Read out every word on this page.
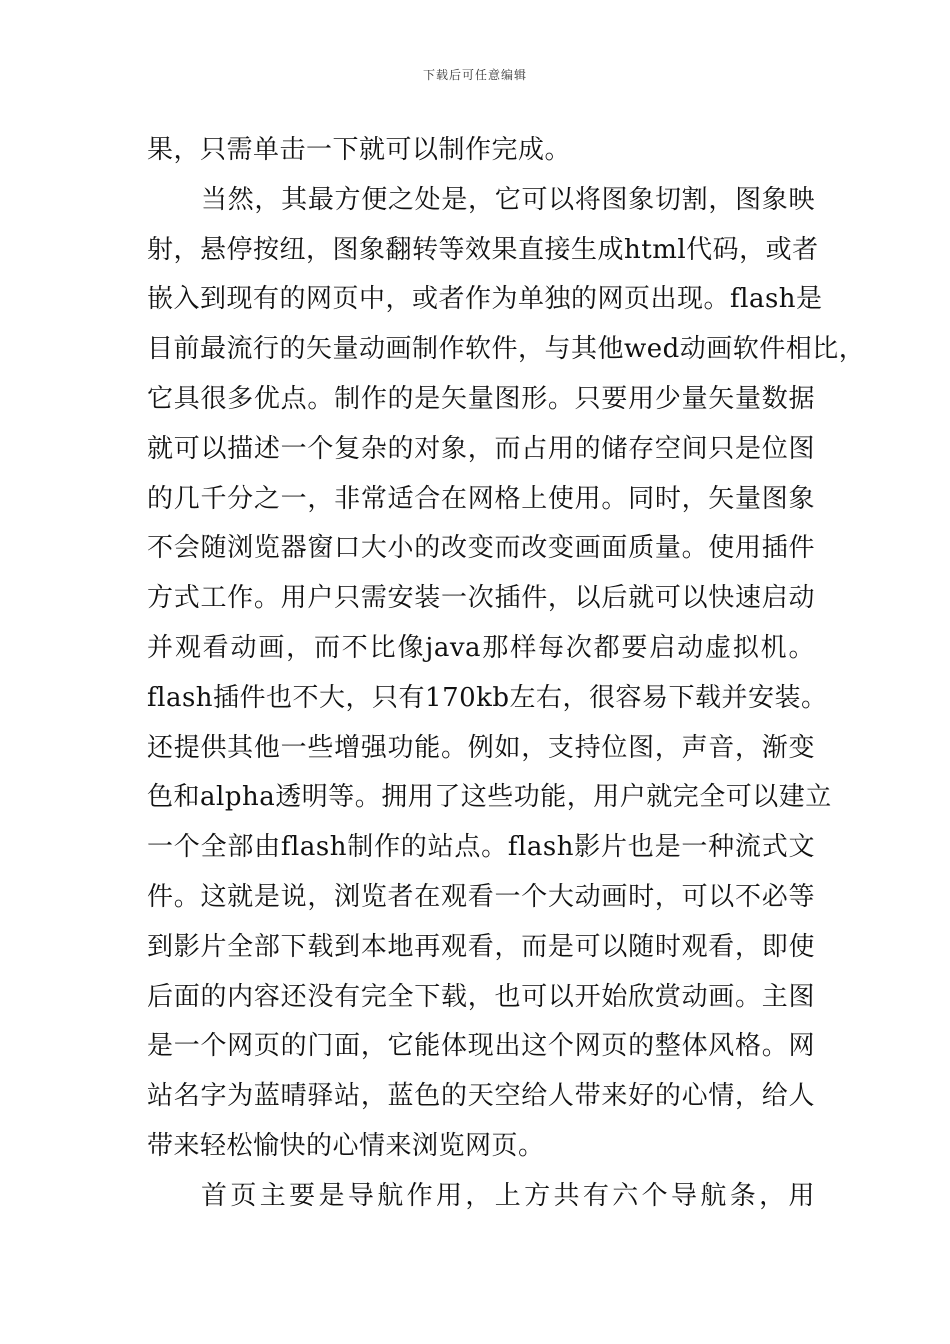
下载后可任意编辑
果，只需单击一下就可以制作完成。
当然，其最方便之处是，它可以将图象切割，图象映
射，悬停按纽，图象翻转等效果直接生成html代码，或者
嵌入到现有的网页中，或者作为单独的网页出现。flash是
目前最流行的矢量动画制作软件，与其他wed动画软件相比，
它具很多优点。制作的是矢量图形。只要用少量矢量数据
就可以描述一个复杂的对象，而占用的储存空间只是位图
的几千分之一，非常适合在网格上使用。同时，矢量图象
不会随浏览器窗口大小的改变而改变画面质量。使用插件
方式工作。用户只需安装一次插件，以后就可以快速启动
并观看动画，而不比像java那样每次都要启动虚拟机。
flash插件也不大，只有170kb左右，很容易下载并安装。
还提供其他一些增强功能。例如，支持位图，声音，渐变
色和alpha透明等。拥用了这些功能，用户就完全可以建立
一个全部由flash制作的站点。flash影片也是一种流式文
件。这就是说，浏览者在观看一个大动画时，可以不必等
到影片全部下载到本地再观看，而是可以随时观看，即使
后面的内容还没有完全下载，也可以开始欣赏动画。主图
是一个网页的门面，它能体现出这个网页的整体风格。网
站名字为蓝晴驿站，蓝色的天空给人带来好的心情，给人
带来轻松愉快的心情来浏览网页。
首页主要是导航作用，上方共有六个导航条，用
